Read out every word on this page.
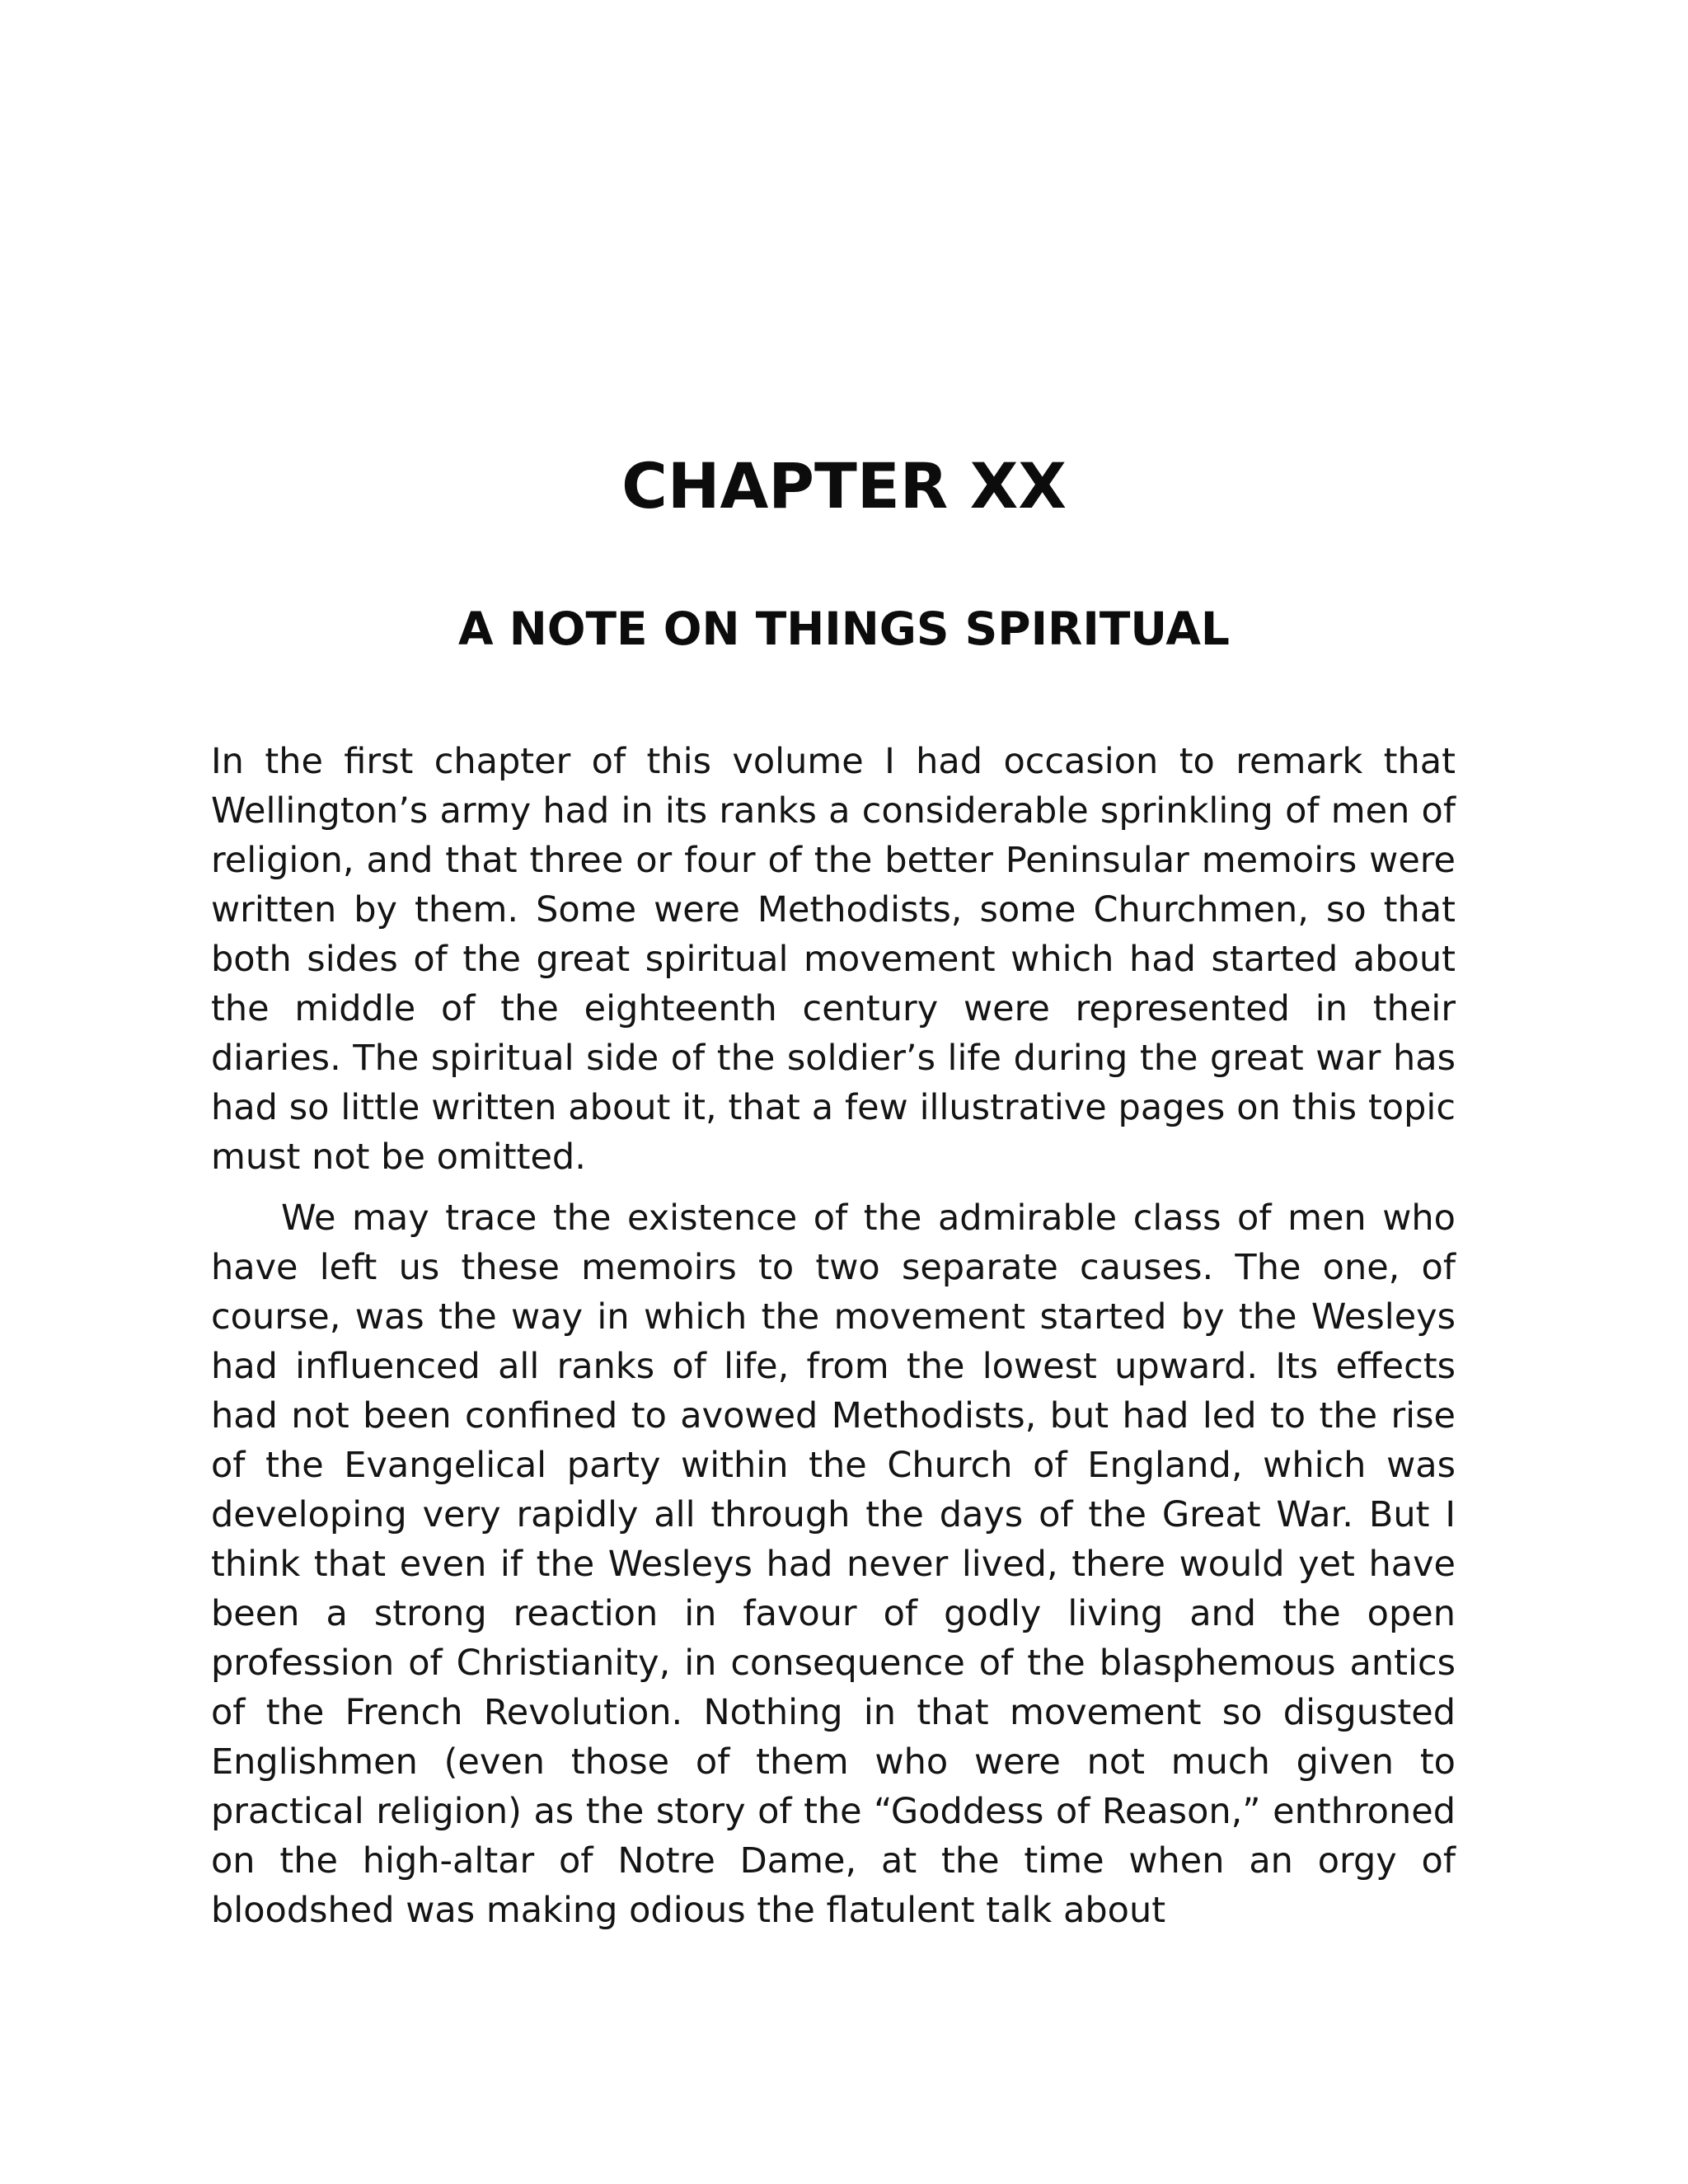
CHAPTER XX
A NOTE ON THINGS SPIRITUAL

In the first chapter of this volume I had occasion to remark that Wellington’s army had in its ranks a considerable sprinkling of men of religion, and that three or four of the better Peninsular memoirs were written by them. Some were Methodists, some Churchmen, so that both sides of the great spiritual movement which had started about the middle of the eighteenth century were represented in their diaries. The spiritual side of the soldier’s life during the great war has had so little written about it, that a few illustrative pages on this topic must not be omitted.

We may trace the existence of the admirable class of men who have left us these memoirs to two separate causes. The one, of course, was the way in which the movement started by the Wesleys had influenced all ranks of life, from the lowest upward. Its effects had not been confined to avowed Methodists, but had led to the rise of the Evangelical party within the Church of England, which was developing very rapidly all through the days of the Great War. But I think that even if the Wesleys had never lived, there would yet have been a strong reaction in favour of godly living and the open profession of Christianity, in consequence of the blasphemous antics of the French Revolution. Nothing in that movement so disgusted Englishmen (even those of them who were not much given to practical religion) as the story of the “Goddess of Reason,” enthroned on the high-altar of Notre Dame, at the time when an orgy of bloodshed was making odious the flatulent talk about
